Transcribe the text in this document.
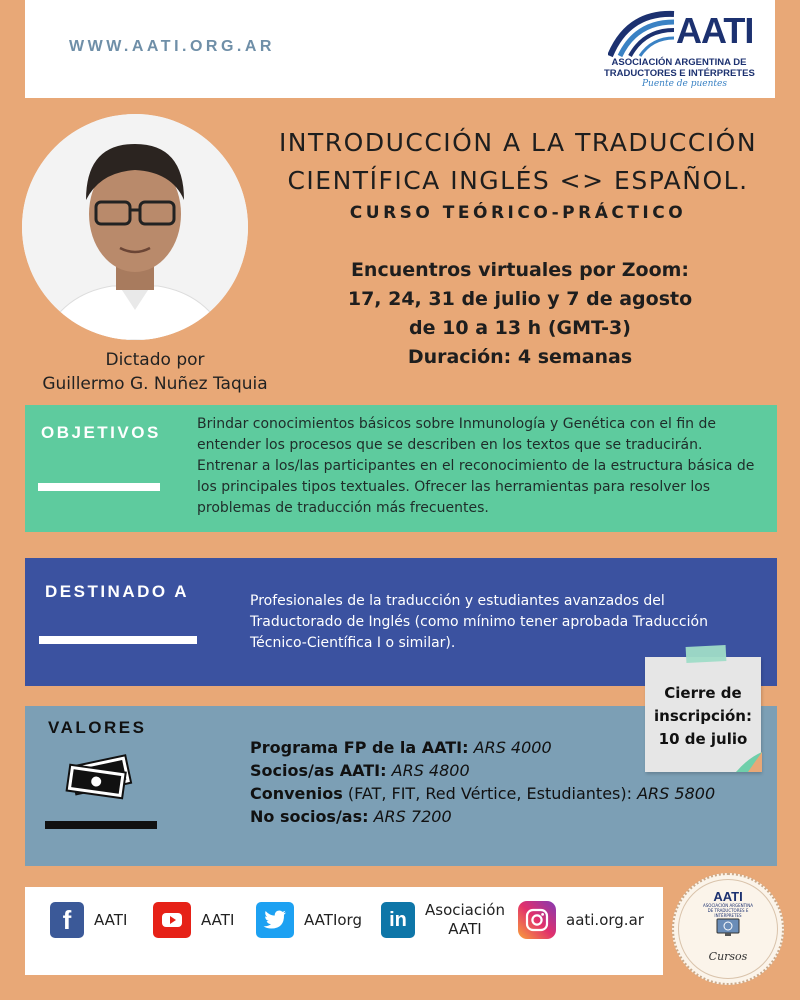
WWW.AATI.ORG.AR	AATI
ASOCIACIÓN ARGENTINA DE
TRADUCTORES E INTÉRPRETES
Puente de puentes
Dictado por
Guillermo G. Nuñez Taquia
INTRODUCCIÓN A LA TRADUCCIÓN
CIENTÍFICA INGLÉS <> ESPAÑOL.
CURSO TEÓRICO-PRÁCTICO
Encuentros virtuales por Zoom:
17, 24, 31 de julio y 7 de agosto
de 10 a 13 h (GMT-3)
Duración: 4 semanas
OBJETIVOS	Brindar conocimientos básicos sobre Inmunología y Genética con el fin de entender los procesos que se describen en los textos que se traducirán. Entrenar a los/las participantes en el reconocimiento de la estructura básica de los principales tipos textuales. Ofrecer las herramientas para resolver los problemas de traducción más frecuentes.
DESTINADO A	Profesionales de la traducción y estudiantes avanzados del Traductorado de Inglés (como mínimo tener aprobada Traducción Técnico-Científica I o similar).
VALORES
Programa FP de la AATI: ARS 4000
Socios/as AATI: ARS 4800
Convenios (FAT, FIT, Red Vértice, Estudiantes): ARS 5800
No socios/as: ARS 7200
Cierre de
inscripción:
10 de julio
f	AATI	AATI	AATIorg	in	Asociación
AATI
aati.org.ar
AATI
ASOCIACIÓN ARGENTINA DE TRADUCTORES E INTÉRPRETES
Cursos
